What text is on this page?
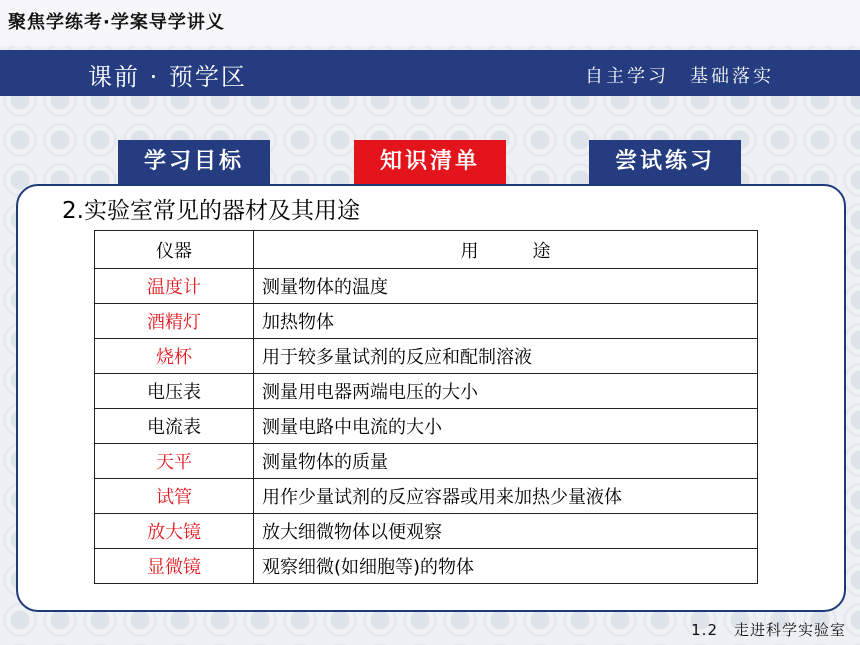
聚焦学练考·学案导学讲义
课前 · 预学区	自主学习　基础落实
学习目标	知识清单	尝试练习
2.实验室常见的器材及其用途
仪器	用　　　途
温度计	测量物体的温度
酒精灯	加热物体
烧杯	用于较多量试剂的反应和配制溶液
电压表	测量用电器两端电压的大小
电流表	测量电路中电流的大小
天平	测量物体的质量
试管	用作少量试剂的反应容器或用来加热少量液体
放大镜	放大细微物体以便观察
显微镜	观察细微(如细胞等)的物体
1.2　走进科学实验室
